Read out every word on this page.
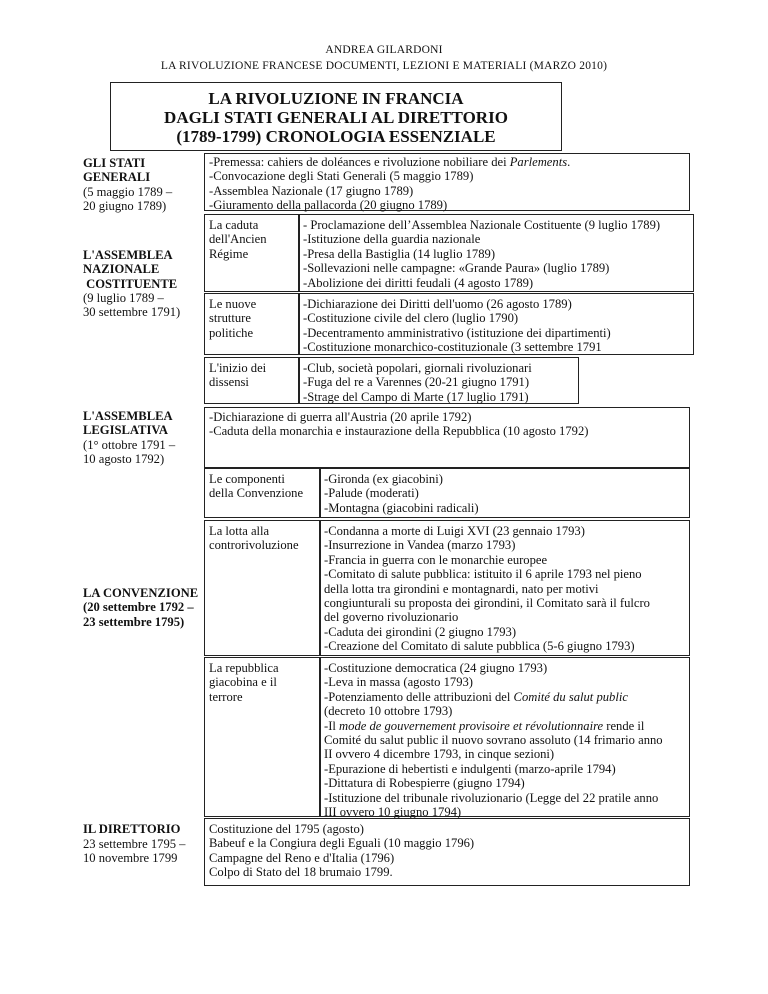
ANDREA GILARDONI
LA RIVOLUZIONE FRANCESE DOCUMENTI, LEZIONI E MATERIALI (MARZO 2010)
LA RIVOLUZIONE IN FRANCIA
DAGLI STATI GENERALI AL DIRETTORIO
(1789-1799) CRONOLOGIA ESSENZIALE
GLI STATI
GENERALI
(5 maggio 1789 –
20 giugno 1789)
-Premessa: cahiers de doléances e rivoluzione nobiliare dei Parlements.
-Convocazione degli Stati Generali (5 maggio 1789)
-Assemblea Nazionale (17 giugno 1789)
-Giuramento della pallacorda (20 giugno 1789)
L'ASSEMBLEA
NAZIONALE
COSTITUENTE
(9 luglio 1789 –
30 settembre 1791)
La caduta
dell'Ancien
Régime
- Proclamazione dell’Assemblea Nazionale Costituente (9 luglio 1789)
-Istituzione della guardia nazionale
-Presa della Bastiglia (14 luglio 1789)
-Sollevazioni nelle campagne: «Grande Paura» (luglio 1789)
-Abolizione dei diritti feudali (4 agosto 1789)
Le nuove
strutture
politiche
-Dichiarazione dei Diritti dell'uomo (26 agosto 1789)
-Costituzione civile del clero (luglio 1790)
-Decentramento amministrativo (istituzione dei dipartimenti)
-Costituzione monarchico-costituzionale (3 settembre 1791
L'inizio dei
dissensi
-Club, società popolari, giornali rivoluzionari
-Fuga del re a Varennes (20-21 giugno 1791)
-Strage del Campo di Marte (17 luglio 1791)
L'ASSEMBLEA
LEGISLATIVA
(1° ottobre 1791 –
10 agosto 1792)
-Dichiarazione di guerra all'Austria (20 aprile 1792)
-Caduta della monarchia e instaurazione della Repubblica (10 agosto 1792)
LA CONVENZIONE
(20 settembre 1792 –
23 settembre 1795)
Le componenti
della Convenzione
-Gironda (ex giacobini)
-Palude (moderati)
-Montagna (giacobini radicali)
La lotta alla
controrivoluzione
-Condanna a morte di Luigi XVI (23 gennaio 1793)
-Insurrezione in Vandea (marzo 1793)
-Francia in guerra con le monarchie europee
-Comitato di salute pubblica: istituito il 6 aprile 1793 nel pieno
della lotta tra girondini e montagnardi, nato per motivi
congiunturali su proposta dei girondini, il Comitato sarà il fulcro
del governo rivoluzionario
-Caduta dei girondini (2 giugno 1793)
-Creazione del Comitato di salute pubblica (5-6 giugno 1793)
La repubblica
giacobina e il
terrore
-Costituzione democratica (24 giugno 1793)
-Leva in massa (agosto 1793)
-Potenziamento delle attribuzioni del Comité du salut public
(decreto 10 ottobre 1793)
-Il mode de gouvernement provisoire et révolutionnaire rende il
Comité du salut public il nuovo sovrano assoluto (14 frimario anno
II ovvero 4 dicembre 1793, in cinque sezioni)
-Epurazione di hebertisti e indulgenti (marzo-aprile 1794)
-Dittatura di Robespierre (giugno 1794)
-Istituzione del tribunale rivoluzionario (Legge del 22 pratile anno
III ovvero 10 giugno 1794)
IL DIRETTORIO
23 settembre 1795 –
10 novembre 1799
Costituzione del 1795 (agosto)
Babeuf e la Congiura degli Eguali (10 maggio 1796)
Campagne del Reno e d'Italia (1796)
Colpo di Stato del 18 brumaio 1799.
